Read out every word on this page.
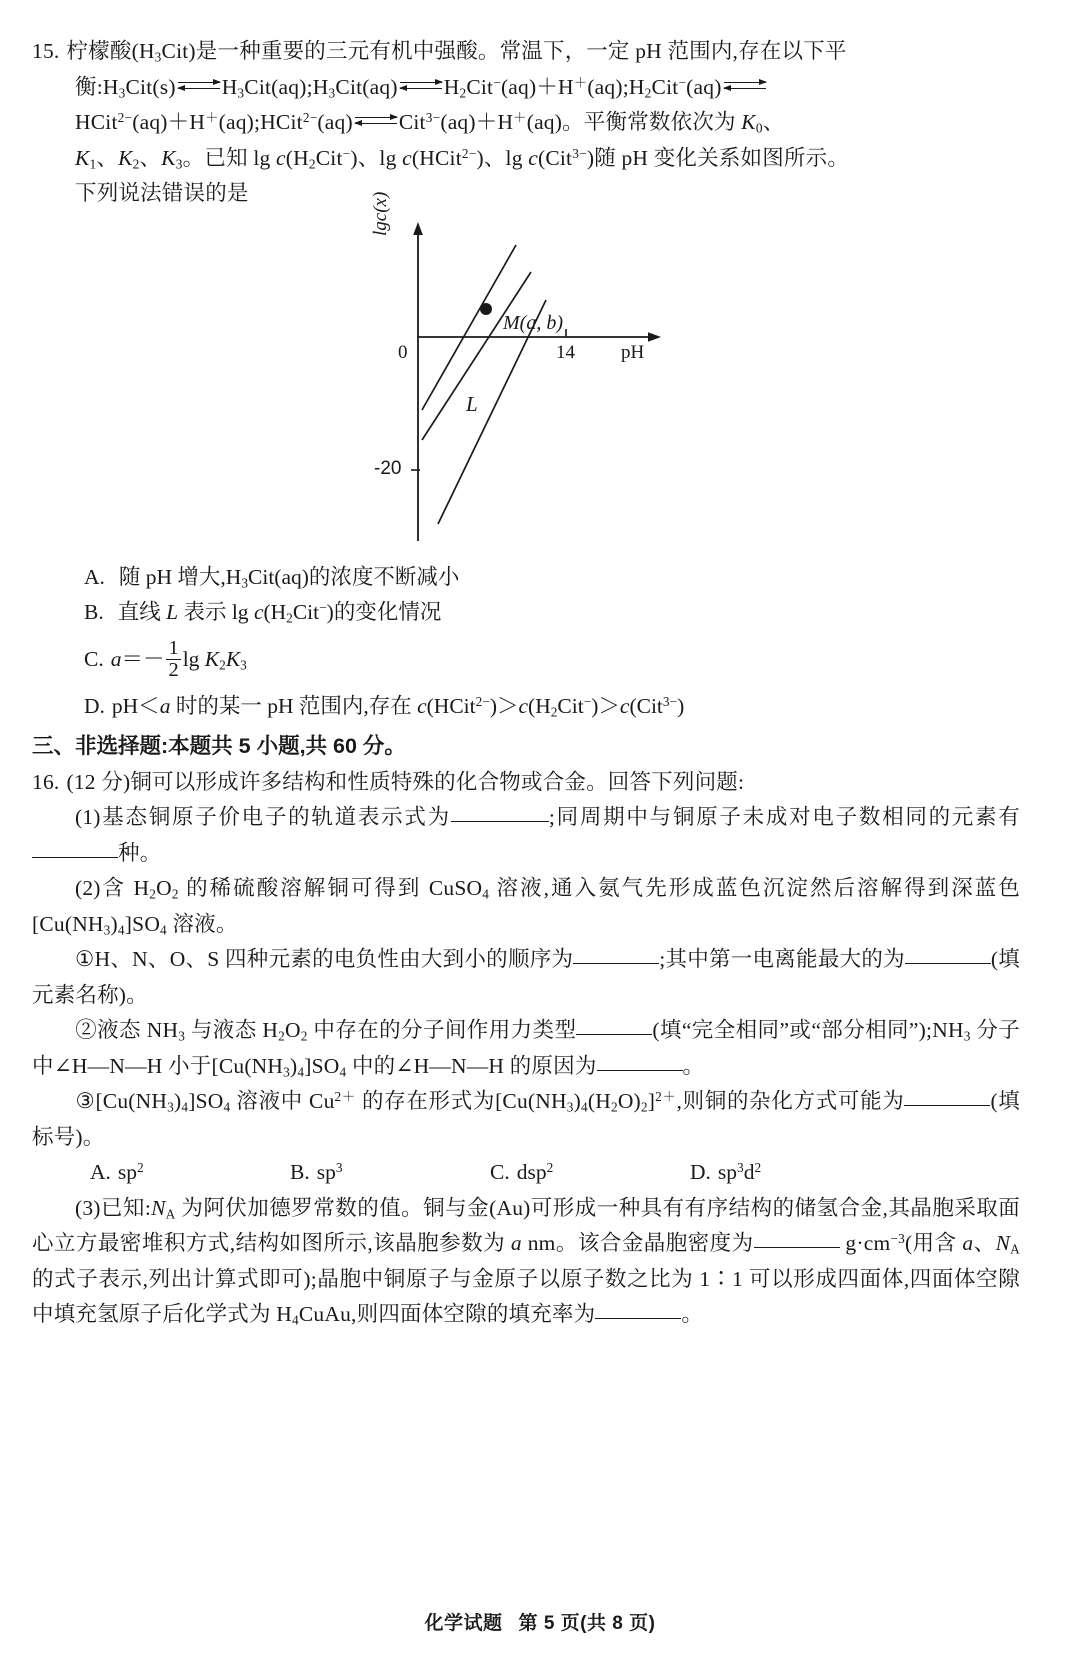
15. 柠檬酸$(H_3Cit)$是一种重要的三元有机中强酸。常温下，一定 pH 范围内,存在以下平
衡$:H_3Cit(s)$ $H_3Cit(aq);H_3Cit(aq)$ $H_2Cit^-(aq)+H^+(aq);H_2Cit^-(aq)$
HCit$^{2-}$(aq)＋H＋(aq);HCit$^{2-}$(aq) Cit$^{3-}$(aq)＋H＋(aq)。平衡常数依次为 $K_0$、
$K_1$、$K_2$、$K_3$。已知 $\lg c(H_2Cit^-)$、lg c(HCit$^{2-}$)、lg c(Cit$^{3-}$)随 pH 变化关系如图所示。
下列说法错误的是	lgc(x)
0
-20
14 pH
M(a, b)
L
A. 随 pH 增大$,H_3Cit(aq)$的浓度不断减小
B. 直线 L 表示 $\lg c(H_2Cit^-)$的变化情况
C. $a=- \frac{1}{2}$ $\lg K_2K_3$
D. pH＜a 时的某一 pH 范围内,存在 $c(HCit^{2-})>c(H_2Cit^-)>c(Cit^{3-})$
三、非选择题:本题共 5 小题,共 60 分。
16. (12 分)铜可以形成许多结构和性质特殊的化合物或合金。回答下列问题:
(1)基态铜原子价电子的轨道表示式为	;同周期中与铜原子未成对电子数相同的元素有种。
(2)含 $H_2O_2$ 的稀硫酸溶解铜可得到 CuSO$_4$ 溶液,通入氨气先形成蓝色沉淀然后溶解得到深蓝色$[Cu(NH_3)_4]SO_4$ 溶液。
①H、N、O、S 四种元素的电负性由大到小的顺序为	;其中第一电离能最大的为	(填元素名称)。
②液态 $NH_3$ 与液态 $H_2O_2$ 中存在的分子间作用力类型	(填“完全相同”或“部分相同$”);NH_3$ 分子中∠H—N—H 小于$[Cu(NH_3)_4]SO_4$ 中的∠H—N—H 的原因为	。
$③[Cu(NH_3)_4]SO_4$ 溶液中 $Cu^{2+}$ 的存在形式为$[Cu(NH_3)_4(H_2O)_2]^{2+}$,则铜的杂化方式可能为	(填标号)。
A. $sp^2$	B. $sp^3$	C. dsp$^2$	D. $sp^3d^2$
(3)已知$:N_A$ 为阿伏加德罗常数的值。铜与金(Au)可形成一种具有有序结构的储氢合金,其晶胞采取面心立方最密堆积方式,结构如图所示,该晶胞参数为 a nm。该合金晶胞密度为	$g\cdot cm^{-3}$(用含 a、$N_A$ 的式子表示,列出计算式即可);晶胞中铜原子与金原子以原子数之比为 1∶1 可以形成四面体,四面体空隙中填充氢原子后化学式为 $H_4CuAu$,则四面体空隙的填充率为	。
化学试题 第 5 页(共 8 页)
